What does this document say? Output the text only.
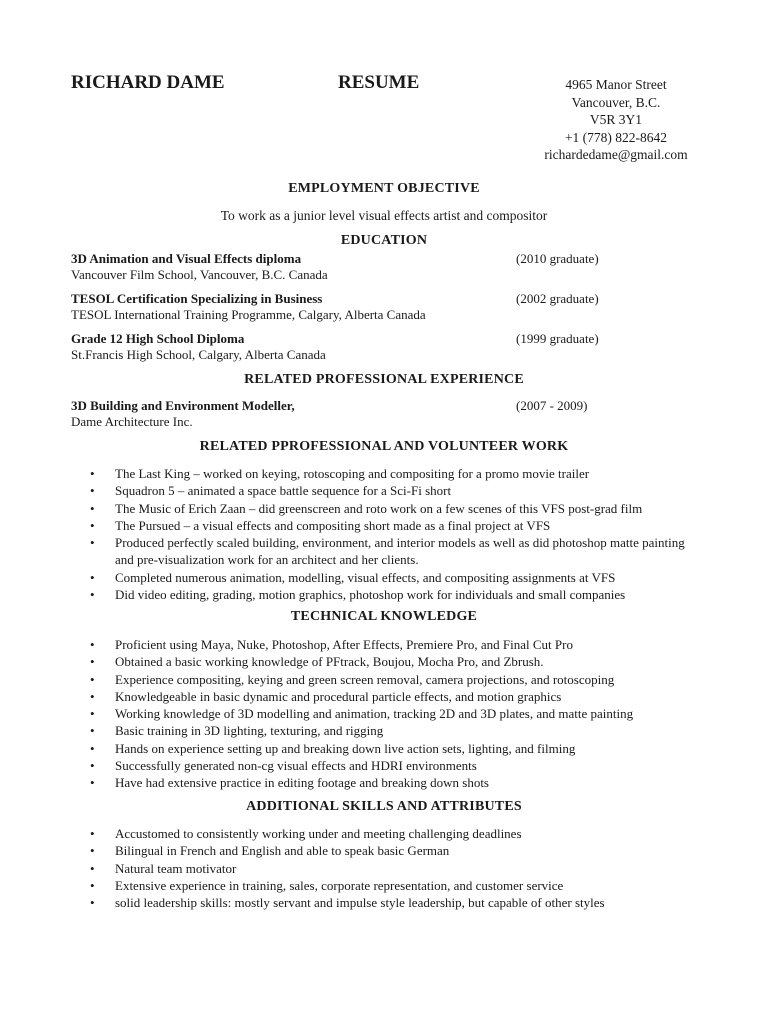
RICHARD DAME	RESUME	4965 Manor Street
Vancouver, B.C.
V5R 3Y1
+1 (778) 822-8642
richardedame@gmail.com
EMPLOYMENT OBJECTIVE

To work as a junior level visual effects artist and compositor

EDUCATION
3D Animation and Visual Effects diploma	(2010 graduate)
Vancouver Film School, Vancouver, B.C. Canada
TESOL Certification Specializing in Business	(2002 graduate)
TESOL International Training Programme, Calgary, Alberta Canada
Grade 12 High School Diploma	(1999 graduate)
St.Francis High School, Calgary, Alberta Canada
RELATED PROFESSIONAL EXPERIENCE
3D Building and Environment Modeller,	(2007 - 2009)
Dame Architecture Inc.
RELATED PPROFESSIONAL AND VOLUNTEER WORK
• The Last King – worked on keying, rotoscoping and compositing for a promo movie trailer
• Squadron 5 – animated a space battle sequence for a Sci-Fi short
• The Music of Erich Zaan – did greenscreen and roto work on a few scenes of this VFS post-grad film
• The Pursued – a visual effects and compositing short made as a final project at VFS
• Produced perfectly scaled building, environment, and interior models as well as did photoshop matte painting and pre-visualization work for an architect and her clients.
• Completed numerous animation, modelling, visual effects, and compositing assignments at VFS
• Did video editing, grading, motion graphics, photoshop work for individuals and small companies
TECHNICAL KNOWLEDGE
• Proficient using Maya, Nuke, Photoshop, After Effects, Premiere Pro, and Final Cut Pro
• Obtained a basic working knowledge of PFtrack, Boujou, Mocha Pro, and Zbrush.
• Experience compositing, keying and green screen removal, camera projections, and rotoscoping
• Knowledgeable in basic dynamic and procedural particle effects, and motion graphics
• Working knowledge of 3D modelling and animation, tracking 2D and 3D plates, and matte painting
• Basic training in 3D lighting, texturing, and rigging
• Hands on experience setting up and breaking down live action sets, lighting, and filming
• Successfully generated non-cg visual effects and HDRI environments
• Have had extensive practice in editing footage and breaking down shots
ADDITIONAL SKILLS AND ATTRIBUTES
• Accustomed to consistently working under and meeting challenging deadlines
• Bilingual in French and English and able to speak basic German
• Natural team motivator
• Extensive experience in training, sales, corporate representation, and customer service
• solid leadership skills: mostly servant and impulse style leadership, but capable of other styles
